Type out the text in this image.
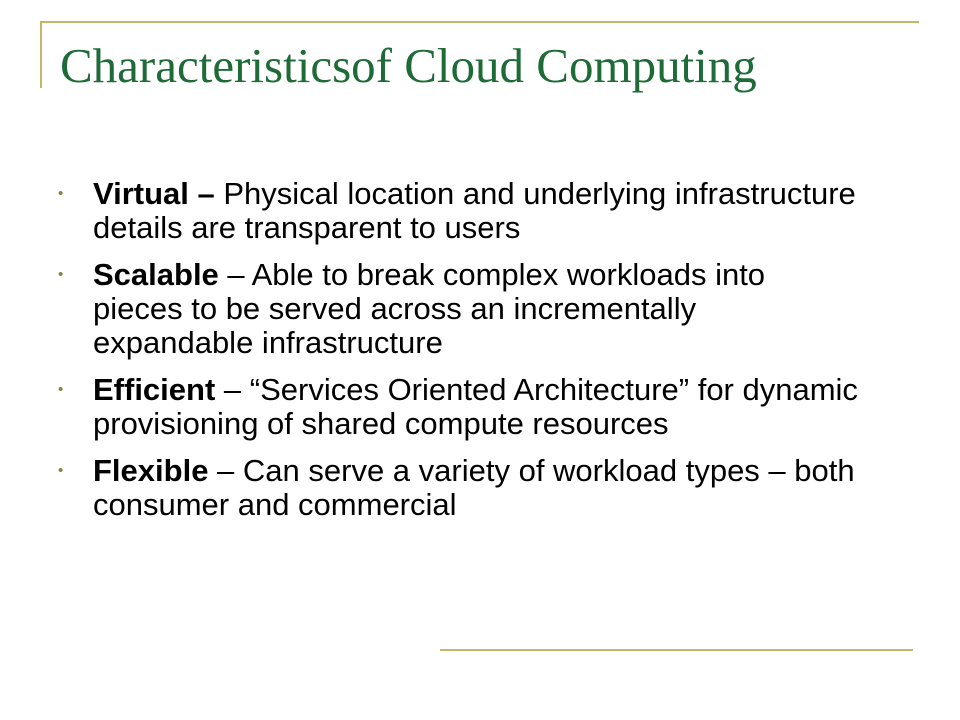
Characteristicsof Cloud Computing
• Virtual – Physical location and underlying infrastructure details are transparent to users
• Scalable – Able to break complex workloads into pieces to be served across an incrementally expandable infrastructure
• Efficient – “Services Oriented Architecture” for dynamic provisioning of shared compute resources
• Flexible – Can serve a variety of workload types – both consumer and commercial
